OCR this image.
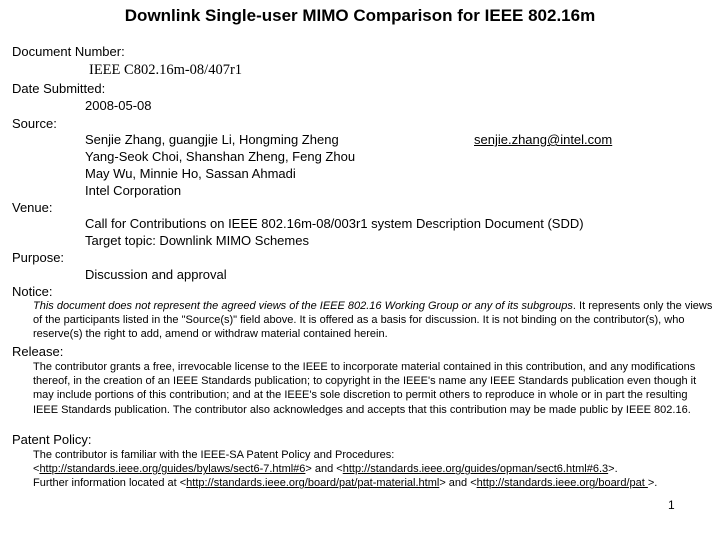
Downlink Single-user MIMO Comparison for IEEE 802.16m
Document Number:
IEEE C802.16m-08/407r1
Date Submitted:
2008-05-08
Source:
Senjie Zhang, guangjie Li, Hongming Zheng
Yang-Seok Choi, Shanshan Zheng, Feng Zhou
May Wu, Minnie Ho, Sassan Ahmadi
Intel Corporation
senjie.zhang@intel.com
Venue:
Call for Contributions on IEEE 802.16m-08/003r1 system Description Document (SDD)
Target topic: Downlink MIMO Schemes
Purpose:
Discussion and approval
Notice:
This document does not represent the agreed views of the IEEE 802.16 Working Group or any of its subgroups. It represents only the views of the participants listed in the "Source(s)" field above. It is offered as a basis for discussion. It is not binding on the contributor(s), who reserve(s) the right to add, amend or withdraw material contained herein.
Release:
The contributor grants a free, irrevocable license to the IEEE to incorporate material contained in this contribution, and any modifications thereof, in the creation of an IEEE Standards publication; to copyright in the IEEE's name any IEEE Standards publication even though it may include portions of this contribution; and at the IEEE's sole discretion to permit others to reproduce in whole or in part the resulting IEEE Standards publication. The contributor also acknowledges and accepts that this contribution may be made public by IEEE 802.16.
Patent Policy:
The contributor is familiar with the IEEE-SA Patent Policy and Procedures:
<http://standards.ieee.org/guides/bylaws/sect6-7.html#6> and <http://standards.ieee.org/guides/opman/sect6.html#6.3>.
Further information located at <http://standards.ieee.org/board/pat/pat-material.html> and <http://standards.ieee.org/board/pat >.
1
